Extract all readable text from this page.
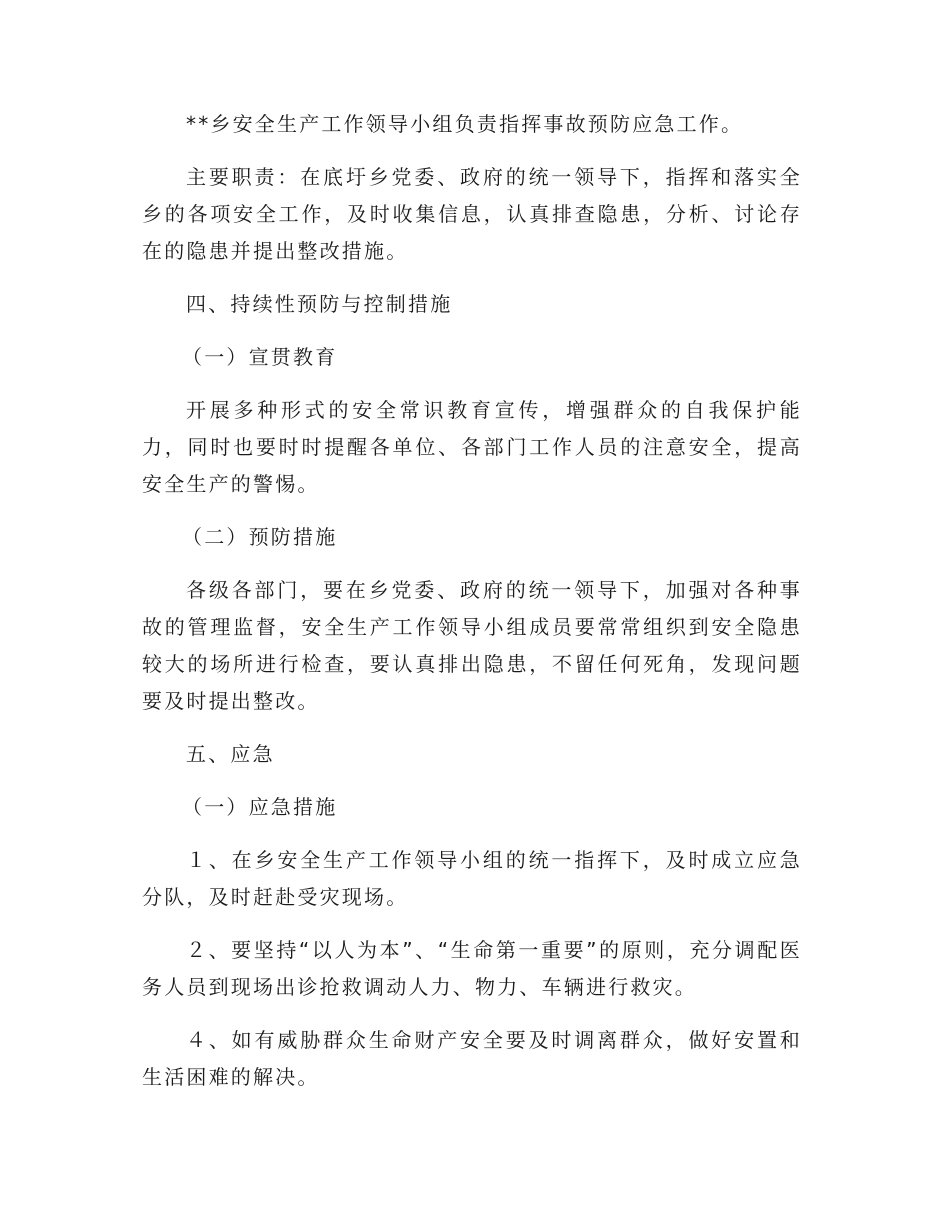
**乡安全生产工作领导小组负责指挥事故预防应急工作。

主要职责：在底圩乡党委、政府的统一领导下，指挥和落实全乡的各项安全工作，及时收集信息，认真排查隐患，分析、讨论存在的隐患并提出整改措施。

四、持续性预防与控制措施

（一）宣贯教育

开展多种形式的安全常识教育宣传，增强群众的自我保护能力，同时也要时时提醒各单位、各部门工作人员的注意安全，提高安全生产的警惕。

（二）预防措施

各级各部门，要在乡党委、政府的统一领导下，加强对各种事故的管理监督，安全生产工作领导小组成员要常常组织到安全隐患较大的场所进行检查，要认真排出隐患，不留任何死角，发现问题要及时提出整改。

五、应急

（一）应急措施

１、在乡安全生产工作领导小组的统一指挥下，及时成立应急分队，及时赶赴受灾现场。

２、要坚持“以人为本”、“生命第一重要”的原则，充分调配医务人员到现场出诊抢救调动人力、物力、车辆进行救灾。

４、如有威胁群众生命财产安全要及时调离群众，做好安置和生活困难的解决。
